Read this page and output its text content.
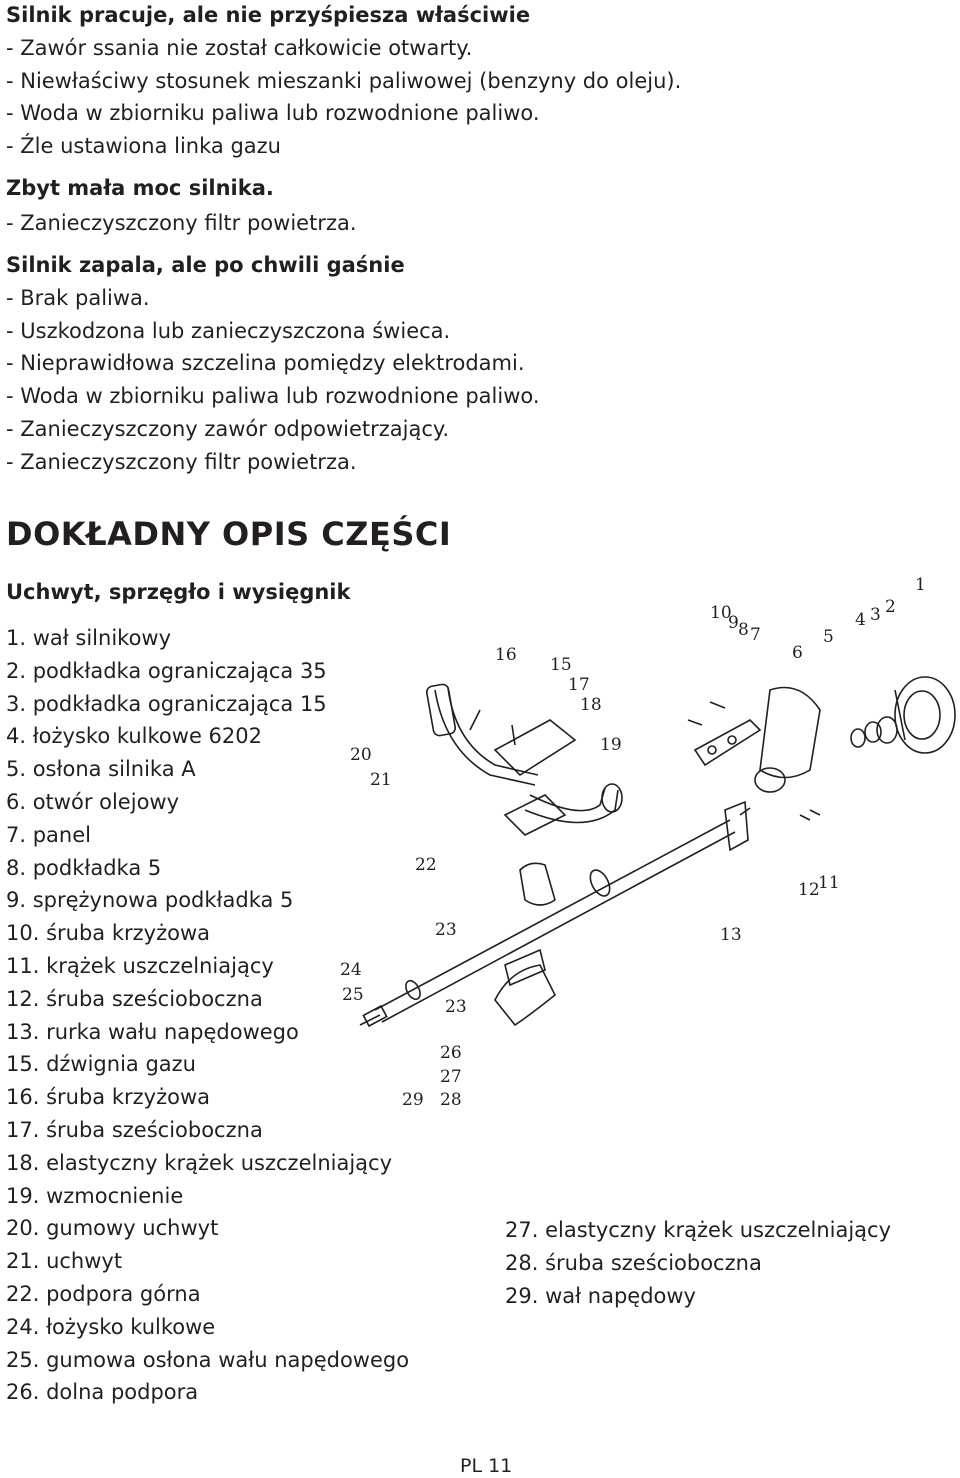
Silnik pracuje, ale nie przyśpiesza właściwie
- Zawór ssania nie został całkowicie otwarty.
- Niewłaściwy stosunek mieszanki paliwowej (benzyny do oleju).
- Woda w zbiorniku paliwa lub rozwodnione paliwo.
- Źle ustawiona linka gazu
Zbyt mała moc silnika.
- Zanieczyszczony filtr powietrza.
Silnik zapala, ale po chwili gaśnie
- Brak paliwa.
- Uszkodzona lub zanieczyszczona świeca.
- Nieprawidłowa szczelina pomiędzy elektrodami.
- Woda w zbiorniku paliwa lub rozwodnione paliwo.
- Zanieczyszczony zawór odpowietrzający.
- Zanieczyszczony filtr powietrza.
DOKŁADNY OPIS CZĘŚCI
Uchwyt, sprzęgło i wysięgnik
1. wał silnikowy
2. podkładka ograniczająca 35
3. podkładka ograniczająca 15
4. łożysko kulkowe 6202
5. osłona silnika A
6. otwór olejowy
7. panel
8. podkładka 5
9. sprężynowa podkładka 5
10. śruba krzyżowa
11. krążek uszczelniający
12. śruba sześcioboczna
13. rurka wału napędowego
15. dźwignia gazu
16. śruba krzyżowa
17. śruba sześcioboczna
18. elastyczny krążek uszczelniający
19. wzmocnienie
20. gumowy uchwyt
21. uchwyt
22. podpora górna
24. łożysko kulkowe
25. gumowa osłona wału napędowego
26. dolna podpora
27. elastyczny krążek uszczelniający
28. śruba sześcioboczna
29. wał napędowy
1
2
3
4
5
6
7
8
9
10
11
12
13
15
16
17
18
19
20
21
22
23
23
24
25
26
27
28
29
PL 11
